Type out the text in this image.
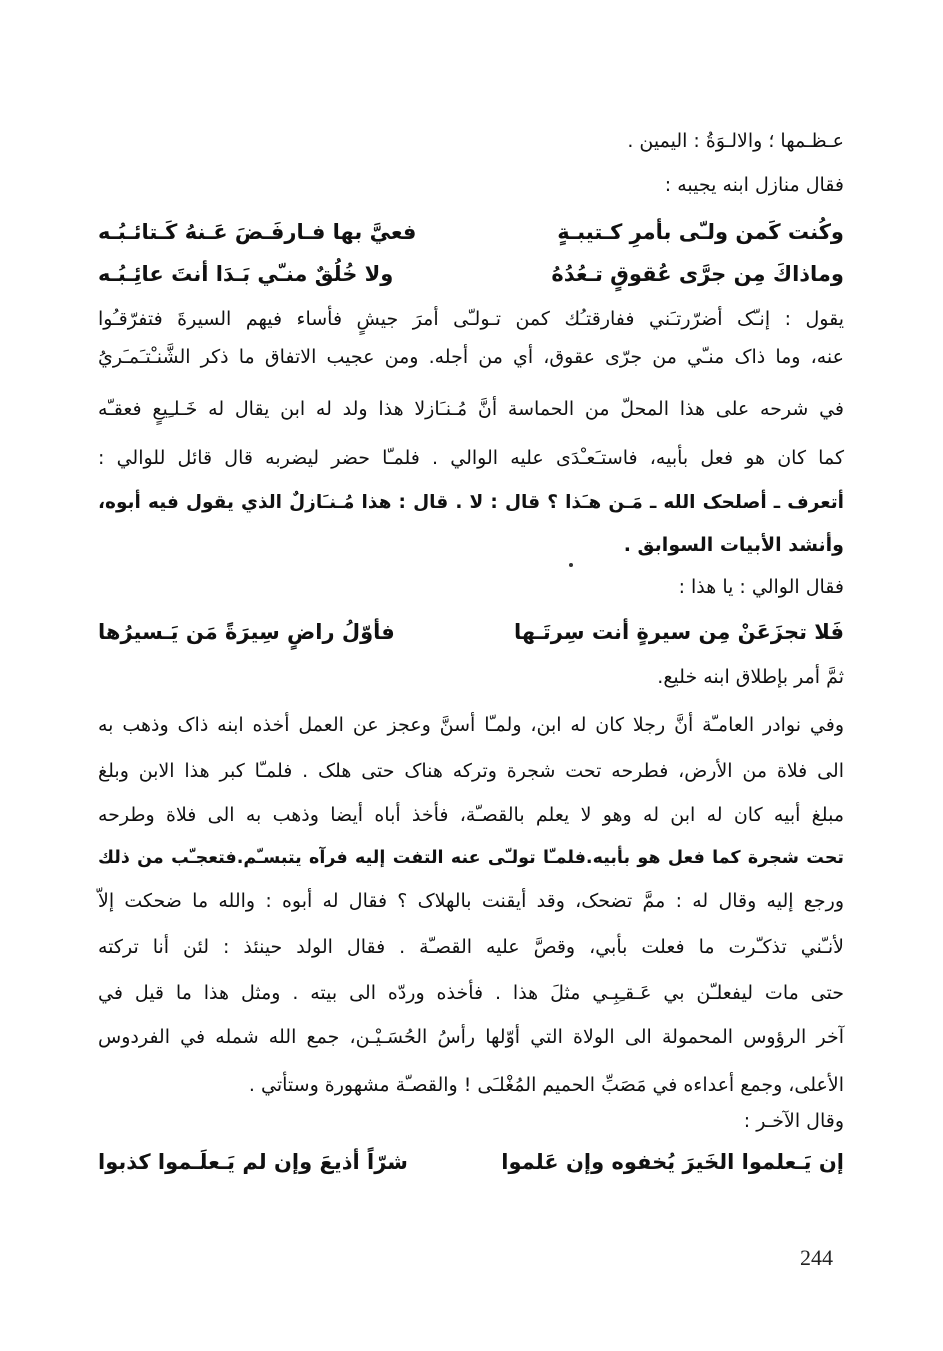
عـظـمها ؛ والالـوَةُ : اليمين .
فقال منازل ابنه يجيبه :
وكُنت كَمن ولـّى بأمرِ كـتيبـةٍ
فعيَّ بها فـارفَـضَ عَـنهُ كَـتائـبُـه
وماذاكَ مِن جرَّى عُقوقٍ تـعُدُهُ
ولا خُلُقٌ منـّي بَـدَا أنتَ عائِـبُـه
يقول : إنـّک أضرّرتـَني ففارقتـُك كمن تـولـّى أمرَ جيشٍ فأساء فيهم السيرةَ فتفرّقـُوا
عنه، وما ذاک منـّي من جرّى عقوق، أي من أجله. ومن عجيب الاتفاق ما ذكر الشَّنـْتـَمـَريُ
في شرحه على هذا المحلّ من الحماسة أنَّ مُـنـَازلا هذا ولد له ابن يقال له خَـلـِيعٍ فعقـّه
كما كان هو فعل بأبيه، فاستـَعـْدَى عليه الوالي . فلمـّا حضر ليضربه قال قائل للوالي :
أتعرف ـ أصلحک الله ـ مَـن هـَذا ؟ قال : لا . قال : هذا مُـنـَازلٌ الذي يقول فيه أبوه،
وأنشد الأبيات السوابق .
فقال الوالي : يا هذا :
فَلا تجزَعَنْ مِن سيرةٍ أنت سِرتَـها
فأوّلُ راضٍ سِيرَةً مَن يَـسيرُها
ثمَّ أمر بإطلاق ابنه خليع.
وفي نوادر العامـّة أنَّ رجلا كان له ابن، ولمـّا أسنَّ وعجز عن العمل أخذه ابنه ذاک وذهب به
الى فلاة من الأرض، فطرحه تحت شجرة وتركه هناک حتى هلک . فلمـّا كبر هذا الابن وبلغ
مبلغ أبيه كان له ابن له وهو لا يعلم بالقصـّة، فأخذ أباه أيضا وذهب به الى فلاة وطرحه
تحت شجرة كما فعل هو بأبيه.فلمـّا تولـّى عنه التفت إليه فرآه يتبسـّم.فتعجـّب من ذلك
ورجع إليه وقال له : ممَّ تضحک، وقد أيقنت بالهلاک ؟ فقال له أبوه : والله ما ضحكت إلاّ
لأنـّني تذكـّرت ما فعلت بأبي، وقصَّ عليه القصـّة . فقال الولد حينئذ : لئن أنا تركته
حتى مات ليفعلـّن بي عَـقـِبِـي مثلَ هذا . فأخذه وردّه الى بيته . ومثل هذا ما قيل في
آخر الرؤوس المحمولة الى الولاة التي أوّلها رأسُ الحُسَـيْـن، جمع الله شمله في الفردوس
الأعلى، وجمع أعداءه في مَصَبِّ الحميم المُغْلـَى ! والقصـّة مشهورة وستأتي .
وقال الآخـر :
إن يَـعلموا الخَيرَ يُخفوه وإن عَلموا
شرّاً أذيعَ وإن لم يَـعلَـموا كذبوا
244
